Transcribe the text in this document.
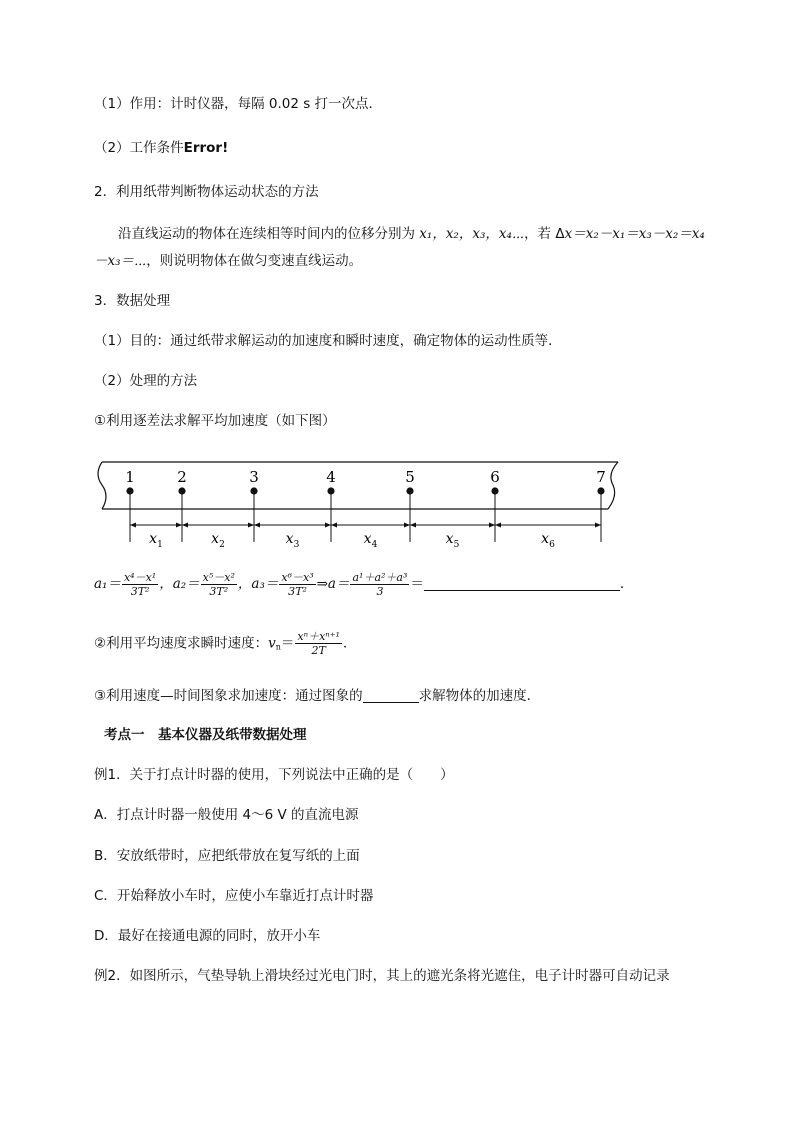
（1）作用：计时仪器，每隔 0.02 s 打一次点．
（2）工作条件Error!
2．利用纸带判断物体运动状态的方法
沿直线运动的物体在连续相等时间内的位移分别为 x₁，x₂，x₃，x₄⋯，若 Δx＝x₂－x₁＝x₃－x₂＝x₄
－x₃＝⋯，则说明物体在做匀变速直线运动。
3．数据处理
（1）目的：通过纸带求解运动的加速度和瞬时速度，确定物体的运动性质等．
（2）处理的方法
①利用逐差法求解平均加速度（如下图）
1	2	3	4	5	6	7
$x_1$	$x_2$	$x_3$	$x_4$	$x_5$	$x_6$
$a_1= \frac{\text{x⁴－x¹}}{\text{3T²}}$ ，$a_2= \frac{\text{x⁵－x²}}{\text{3T²}}$ ，$a_3= \frac{\text{x⁶－x³}}{\text{3T²}}$ ⇒a＝ $\frac{\text{a¹＋a²＋a³}}{3}$ ＝	．
②利用平均速度求瞬时速度：$v_n= \frac{\text{xⁿ＋xⁿ⁺¹}}{2T}$ ．
③利用速度—时间图象求加速度：通过图象的	求解物体的加速度．
考点一　基本仪器及纸带数据处理
例1．关于打点计时器的使用，下列说法中正确的是（　　）
A．打点计时器一般使用 4～6 V 的直流电源
B．安放纸带时，应把纸带放在复写纸的上面
C．开始释放小车时，应使小车靠近打点计时器
D．最好在接通电源的同时，放开小车
例2．如图所示，气垫导轨上滑块经过光电门时，其上的遮光条将光遮住，电子计时器可自动记录
